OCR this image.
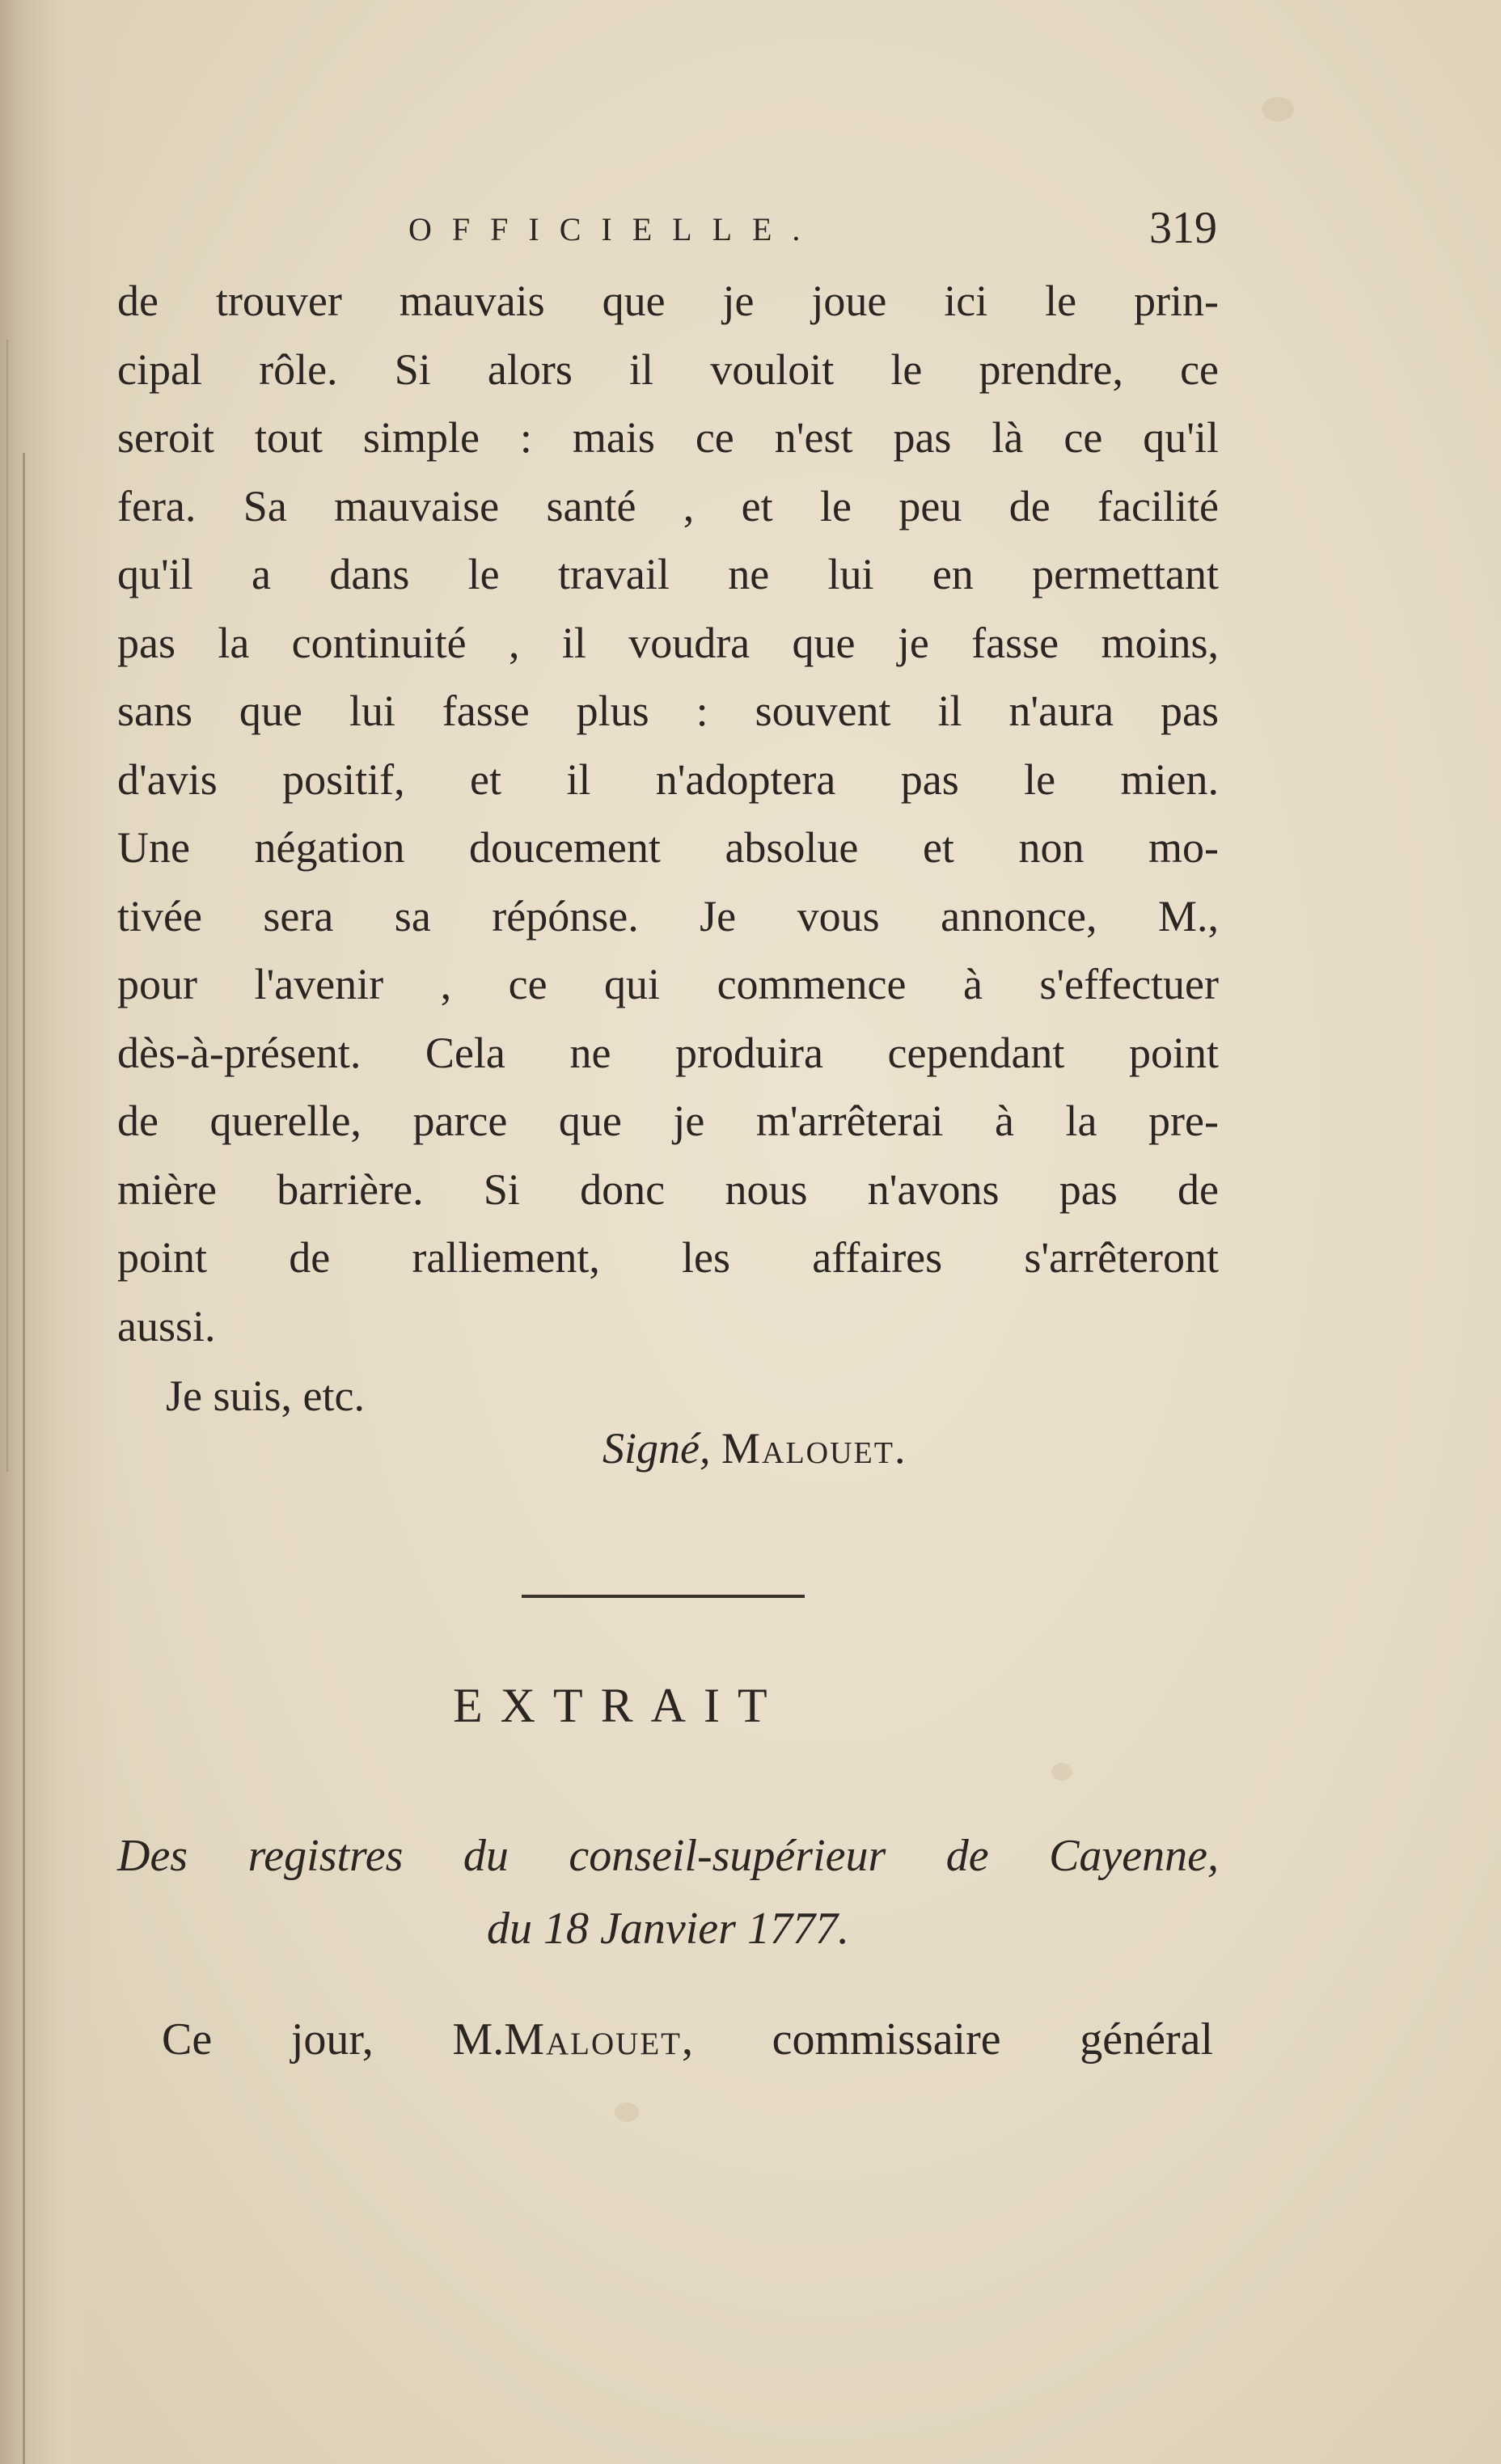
OFFICIELLE.	319
de trouver mauvais que je joue ici le prin-
cipal rôle. Si alors il vouloit le prendre, ce
seroit tout simple : mais ce n'est pas là ce qu'il
fera. Sa mauvaise santé , et le peu de facilité
qu'il a dans le travail ne lui en permettant
pas la continuité , il voudra que je fasse moins,
sans que lui fasse plus : souvent il n'aura pas
d'avis positif, et il n'adoptera pas le mien.
Une négation doucement absolue et non mo-
tivée sera sa répónse. Je vous annonce, M.,
pour l'avenir , ce qui commence à s'effectuer
dès-à-présent. Cela ne produira cependant point
de querelle, parce que je m'arrêterai à la pre-
mière barrière. Si donc nous n'avons pas de
point de ralliement, les affaires s'arrêteront
aussi.
Je suis, etc.
Signé, Malouet.
EXTRAIT
Des registres du conseil-supérieur de Cayenne,
du 18 Janvier 1777.
Ce jour, M.Malouet, commissaire général
